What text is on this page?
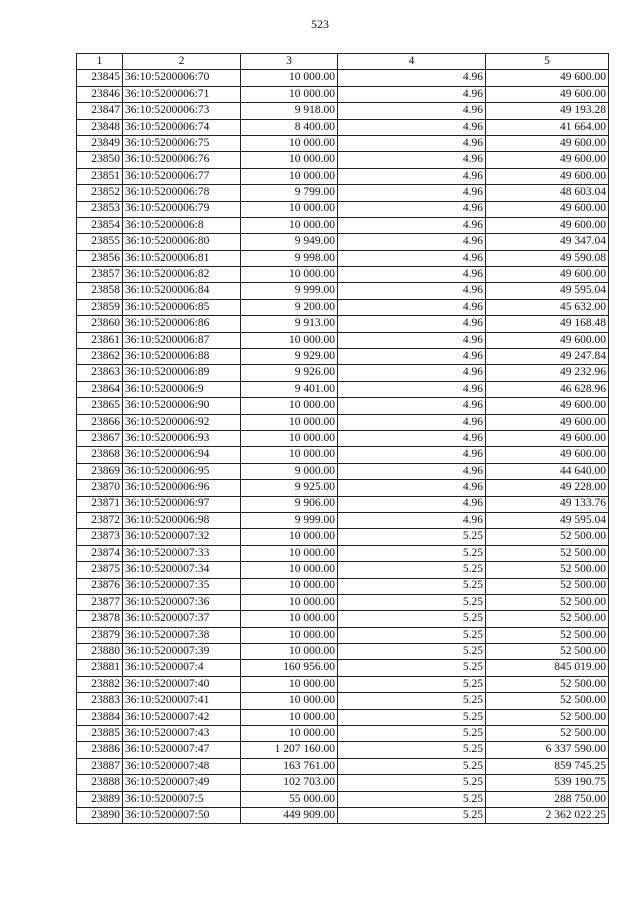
523
1	2	3	4	5
23845	36:10:5200006:70	10 000.00	4.96	49 600.00
23846	36:10:5200006:71	10 000.00	4.96	49 600.00
23847	36:10:5200006:73	9 918.00	4.96	49 193.28
23848	36:10:5200006:74	8 400.00	4.96	41 664.00
23849	36:10:5200006:75	10 000.00	4.96	49 600.00
23850	36:10:5200006:76	10 000.00	4.96	49 600.00
23851	36:10:5200006:77	10 000.00	4.96	49 600.00
23852	36:10:5200006:78	9 799.00	4.96	48 603.04
23853	36:10:5200006:79	10 000.00	4.96	49 600.00
23854	36:10:5200006:8	10 000.00	4.96	49 600.00
23855	36:10:5200006:80	9 949.00	4.96	49 347.04
23856	36:10:5200006:81	9 998.00	4.96	49 590.08
23857	36:10:5200006:82	10 000.00	4.96	49 600.00
23858	36:10:5200006:84	9 999.00	4.96	49 595.04
23859	36:10:5200006:85	9 200.00	4.96	45 632.00
23860	36:10:5200006:86	9 913.00	4.96	49 168.48
23861	36:10:5200006:87	10 000.00	4.96	49 600.00
23862	36:10:5200006:88	9 929.00	4.96	49 247.84
23863	36:10:5200006:89	9 926.00	4.96	49 232.96
23864	36:10:5200006:9	9 401.00	4.96	46 628.96
23865	36:10:5200006:90	10 000.00	4.96	49 600.00
23866	36:10:5200006:92	10 000.00	4.96	49 600.00
23867	36:10:5200006:93	10 000.00	4.96	49 600.00
23868	36:10:5200006:94	10 000.00	4.96	49 600.00
23869	36:10:5200006:95	9 000.00	4.96	44 640.00
23870	36:10:5200006:96	9 925.00	4.96	49 228.00
23871	36:10:5200006:97	9 906.00	4.96	49 133.76
23872	36:10:5200006:98	9 999.00	4.96	49 595.04
23873	36:10:5200007:32	10 000.00	5.25	52 500.00
23874	36:10:5200007:33	10 000.00	5.25	52 500.00
23875	36:10:5200007:34	10 000.00	5.25	52 500.00
23876	36:10:5200007:35	10 000.00	5.25	52 500.00
23877	36:10:5200007:36	10 000.00	5.25	52 500.00
23878	36:10:5200007:37	10 000.00	5.25	52 500.00
23879	36:10:5200007:38	10 000.00	5.25	52 500.00
23880	36:10:5200007:39	10 000.00	5.25	52 500.00
23881	36:10:5200007:4	160 956.00	5.25	845 019.00
23882	36:10:5200007:40	10 000.00	5.25	52 500.00
23883	36:10:5200007:41	10 000.00	5.25	52 500.00
23884	36:10:5200007:42	10 000.00	5.25	52 500.00
23885	36:10:5200007:43	10 000.00	5.25	52 500.00
23886	36:10:5200007:47	1 207 160.00	5.25	6 337 590.00
23887	36:10:5200007:48	163 761.00	5.25	859 745.25
23888	36:10:5200007:49	102 703.00	5.25	539 190.75
23889	36:10:5200007:5	55 000.00	5.25	288 750.00
23890	36:10:5200007:50	449 909.00	5.25	2 362 022.25
